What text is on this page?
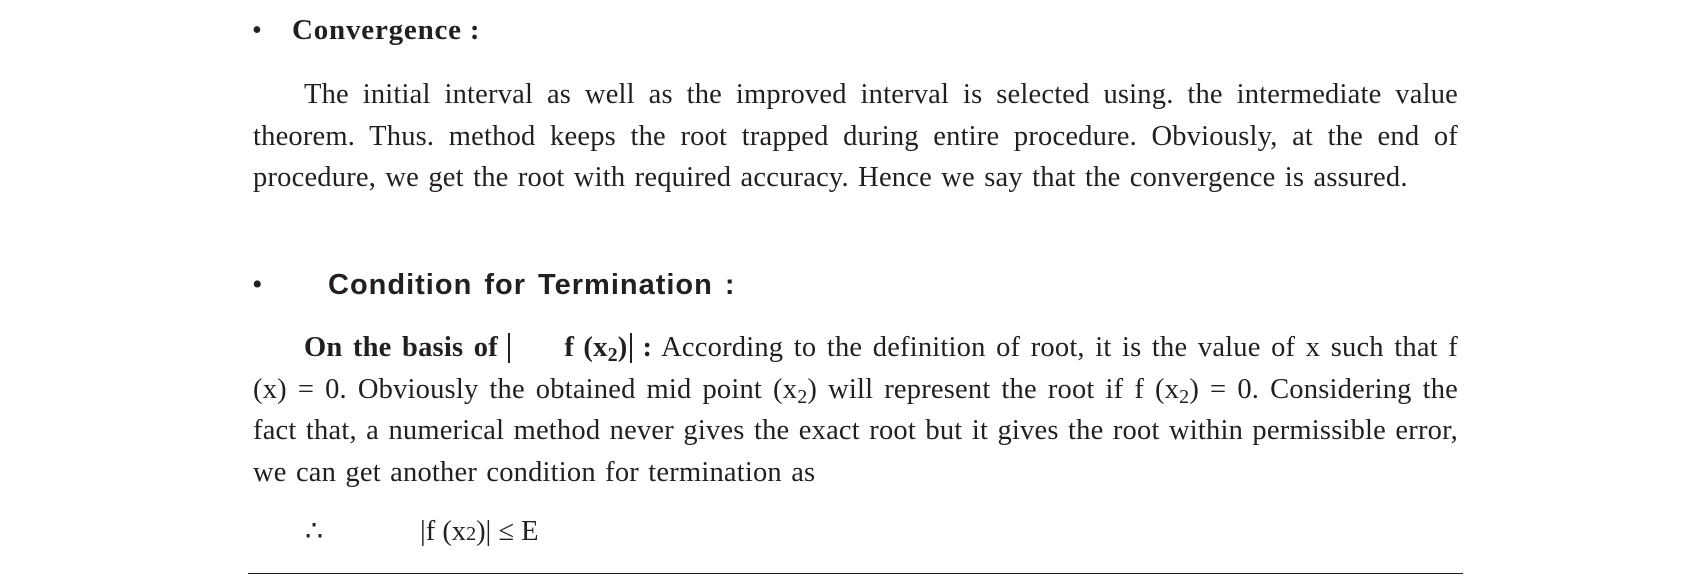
•	Convergence :

The initial interval as well as the improved interval is selected using. the intermediate value theorem. Thus. method keeps the root trapped during entire procedure. Obviously, at the end of procedure, we get the root with required accuracy. Hence we say that the convergence is assured.

•	Condition for Termination :

On the basis of f $(x_2)$ : According to the definition of root, it is the value of x such that f (x) = 0. Obviously the obtained mid point $(x_2)$ will represent the root if f $(x_2) = 0$. Considering the fact that, a numerical method never gives the exact root but it gives the root within permissible error, we can get another condition for termination as

∴	|f (x 2 )| ≤ E
